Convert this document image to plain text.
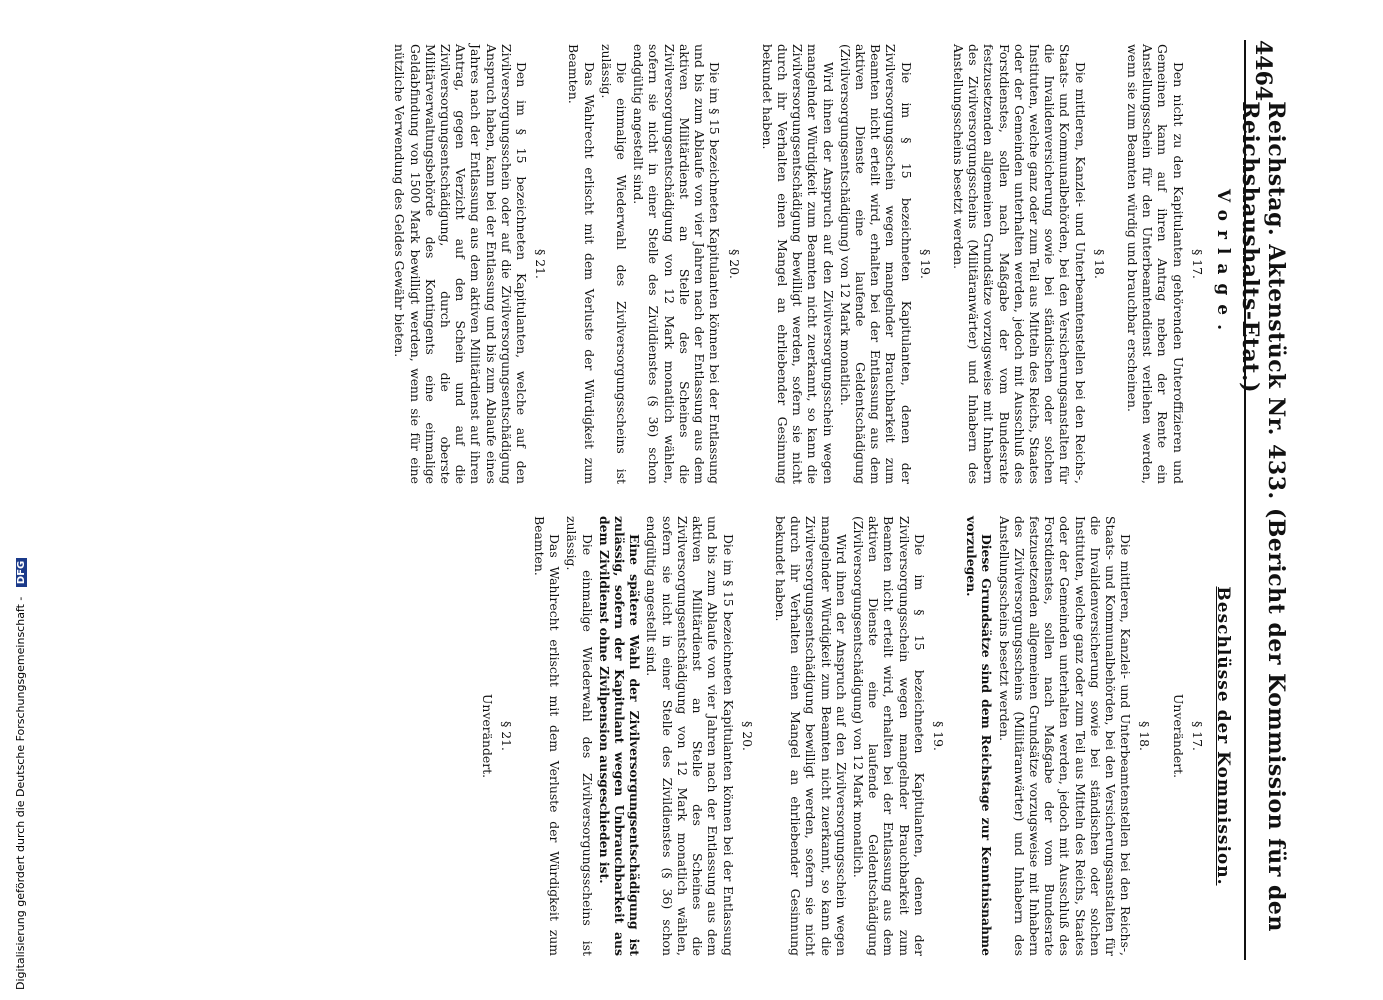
4464
Reichstag. Aktenstück Nr. 433. (Bericht der Kommission für den Reichshaushalts-Etat.)
Vorlage.
§ 17.

Den nicht zu den Kapitulanten gehörenden Unteroffizieren und Gemeinen kann auf ihren Antrag neben der Rente ein Anstellungsschein für den Unterbeamtendienst verliehen werden, wenn sie zum Beamten würdig und brauchbar erscheinen.

§ 18.

Die mittleren, Kanzlei- und Unterbeamtenstellen bei den Reichs-, Staats- und Kommunalbehörden, bei den Versicherungsanstalten für die Invalidenversicherung sowie bei ständischen oder solchen Instituten, welche ganz oder zum Teil aus Mitteln des Reichs, Staates oder der Gemeinden unterhalten werden, jedoch mit Ausschluß des Forstdienstes, sollen nach Maßgabe der vom Bundesrate festzusetzenden allgemeinen Grundsätze vorzugsweise mit Inhabern des Zivilversorgungsscheins (Militäranwärter) und Inhabern des Anstellungsscheins besetzt werden.

§ 19.

Die im § 15 bezeichneten Kapitulanten, denen der Zivilversorgungsschein wegen mangelnder Brauchbarkeit zum Beamten nicht erteilt wird, erhalten bei der Entlassung aus dem aktiven Dienste eine laufende Geldentschädigung (Zivilversorgungsentschädigung) von 12 Mark monatlich.

Wird ihnen der Anspruch auf den Zivilversorgungsschein wegen mangelnder Würdigkeit zum Beamten nicht zuerkannt, so kann die Zivilversorgungsentschädigung bewilligt werden, sofern sie nicht durch ihr Verhalten einen Mangel an ehrliebender Gesinnung bekundet haben.

§ 20.

Die im § 15 bezeichneten Kapitulanten können bei der Entlassung und bis zum Ablaufe von vier Jahren nach der Entlassung aus dem aktiven Militärdienst an Stelle des Scheines die Zivilversorgungsentschädigung von 12 Mark monatlich wählen, sofern sie nicht in einer Stelle des Zivildienstes (§ 36) schon endgültig angestellt sind.

Die einmalige Wiederwahl des Zivilversorgungsscheins ist zulässig.

Das Wahlrecht erlischt mit dem Verluste der Würdigkeit zum Beamten.

§ 21.

Den im § 15 bezeichneten Kapitulanten, welche auf den Zivilversorgungsschein oder auf die Zivilversorgungsentschädigung Anspruch haben, kann bei der Entlassung und bis zum Ablaufe eines Jahres nach der Entlassung aus dem aktiven Militärdienst auf ihren Antrag, gegen Verzicht auf den Schein und auf die Zivilversorgungsentschädigung, durch die oberste Militärverwaltungsbehörde des Kontingents eine einmalige Geldabfindung von 1500 Mark bewilligt werden, wenn sie für eine nützliche Verwendung des Geldes Gewähr bieten.

Beschlüsse der Kommission.
§ 17.

Unverändert.

§ 18.

Die mittleren, Kanzlei- und Unterbeamtenstellen bei den Reichs-, Staats- und Kommunalbehörden, bei den Versicherungsanstalten für die Invalidenversicherung sowie bei ständischen oder solchen Instituten, welche ganz oder zum Teil aus Mitteln des Reichs, Staates oder der Gemeinden unterhalten werden, jedoch mit Ausschluß des Forstdienstes, sollen nach Maßgabe der vom Bundesrate festzusetzenden allgemeinen Grundsätze vorzugsweise mit Inhabern des Zivilversorgungsscheins (Militäranwärter) und Inhabern des Anstellungsscheins besetzt werden.

Diese Grundsätze sind dem Reichstage zur Kenntnisnahme vorzulegen.

§ 19.

Die im § 15 bezeichneten Kapitulanten, denen der Zivilversorgungsschein wegen mangelnder Brauchbarkeit zum Beamten nicht erteilt wird, erhalten bei der Entlassung aus dem aktiven Dienste eine laufende Geldentschädigung (Zivilversorgungsentschädigung) von 12 Mark monatlich.

Wird ihnen der Anspruch auf den Zivilversorgungsschein wegen mangelnder Würdigkeit zum Beamten nicht zuerkannt, so kann die Zivilversorgungsentschädigung bewilligt werden, sofern sie nicht durch ihr Verhalten einen Mangel an ehrliebender Gesinnung bekundet haben.

§ 20.

Die im § 15 bezeichneten Kapitulanten können bei der Entlassung und bis zum Ablaufe von vier Jahren nach der Entlassung aus dem aktiven Militärdienst an Stelle des Scheines die Zivilversorgungsentschädigung von 12 Mark monatlich wählen, sofern sie nicht in einer Stelle des Zivildienstes (§ 36) schon endgültig angestellt sind.

Eine spätere Wahl der Zivilversorgungsentschädigung ist zulässig, sofern der Kapitulant wegen Unbrauchbarkeit aus dem Zivildienst ohne Zivilpension ausgeschieden ist.

Die einmalige Wiederwahl des Zivilversorgungsscheins ist zulässig.

Das Wahlrecht erlischt mit dem Verluste der Würdigkeit zum Beamten.

§ 21.

Unverändert.

Digitalisierung gefördert durch die Deutsche Forschungsgemeinschaft - DFG
